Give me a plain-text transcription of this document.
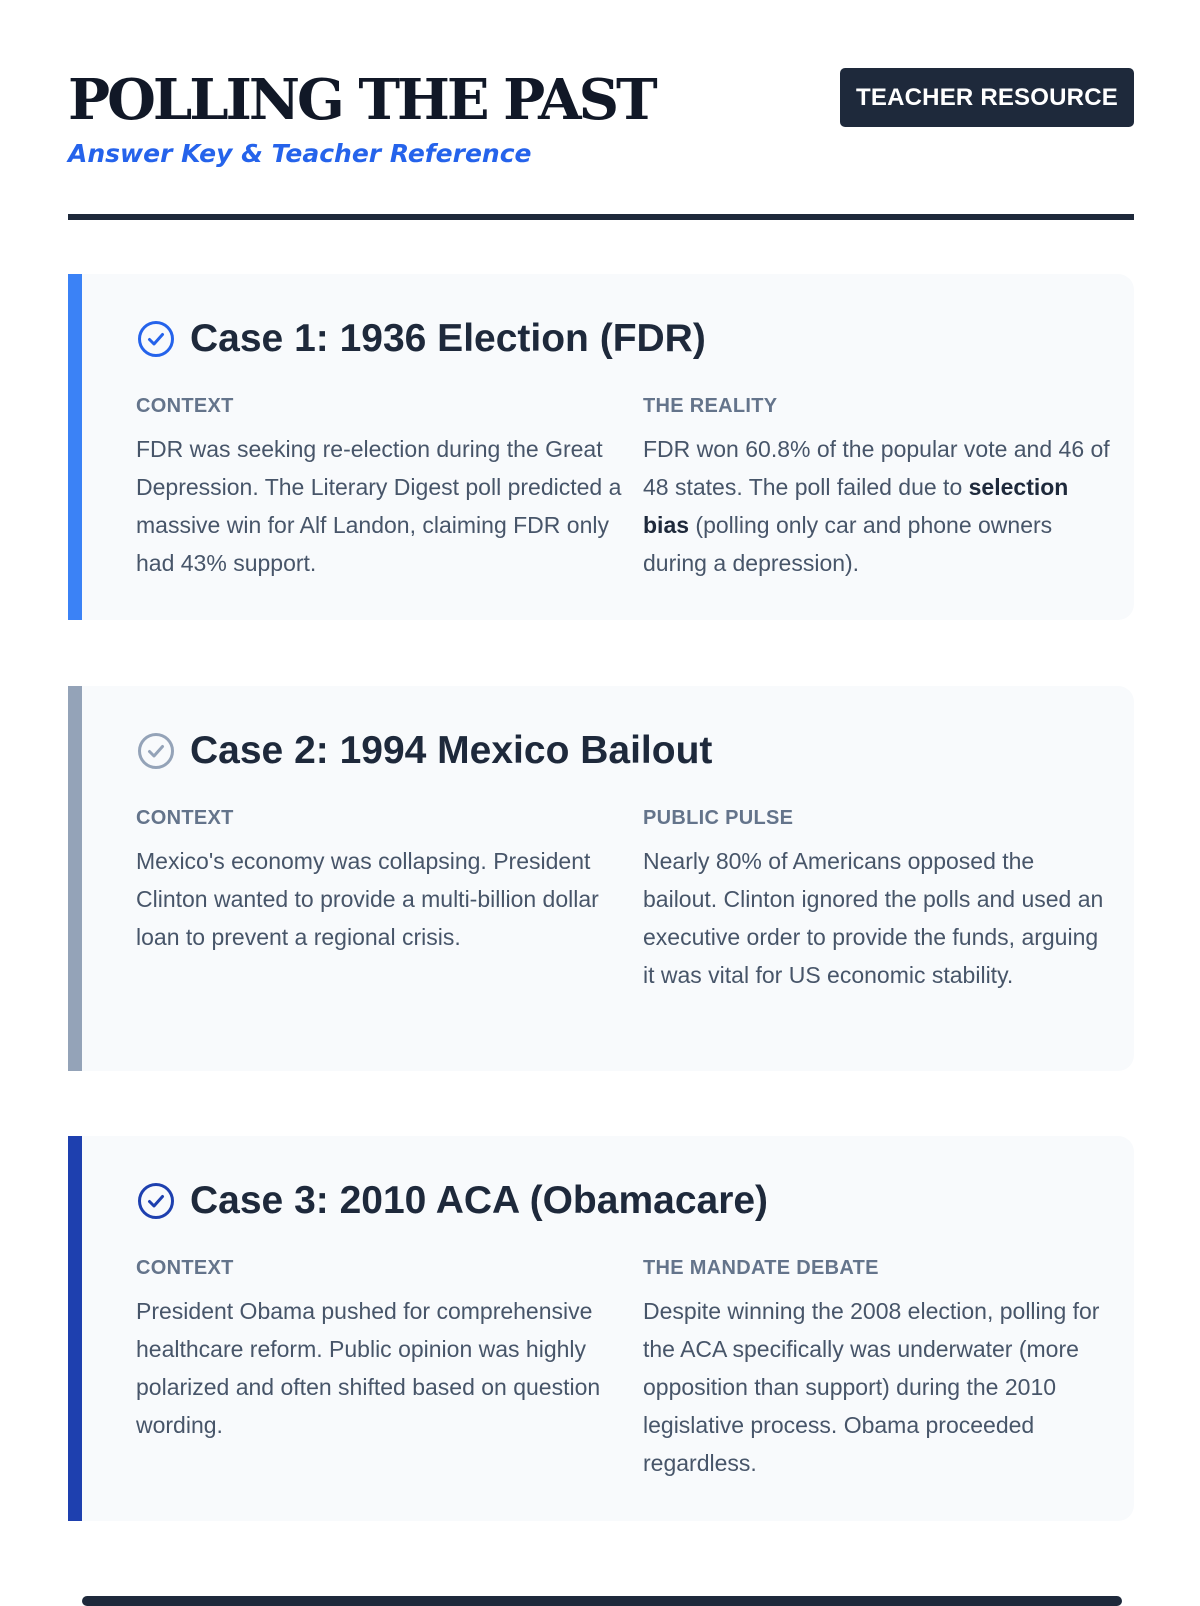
POLLING THE PAST
Answer Key & Teacher Reference
TEACHER RESOURCE
Case 1: 1936 Election (FDR)
CONTEXT
FDR was seeking re-election during the Great Depression. The Literary Digest poll predicted a massive win for Alf Landon, claiming FDR only had 43% support.
THE REALITY
FDR won 60.8% of the popular vote and 46 of 48 states. The poll failed due to selection bias (polling only car and phone owners during a depression).
Case 2: 1994 Mexico Bailout
CONTEXT
Mexico's economy was collapsing. President Clinton wanted to provide a multi-billion dollar loan to prevent a regional crisis.
PUBLIC PULSE
Nearly 80% of Americans opposed the bailout. Clinton ignored the polls and used an executive order to provide the funds, arguing it was vital for US economic stability.
Case 3: 2010 ACA (Obamacare)
CONTEXT
President Obama pushed for comprehensive healthcare reform. Public opinion was highly polarized and often shifted based on question wording.
THE MANDATE DEBATE
Despite winning the 2008 election, polling for the ACA specifically was underwater (more opposition than support) during the 2010 legislative process. Obama proceeded regardless.
